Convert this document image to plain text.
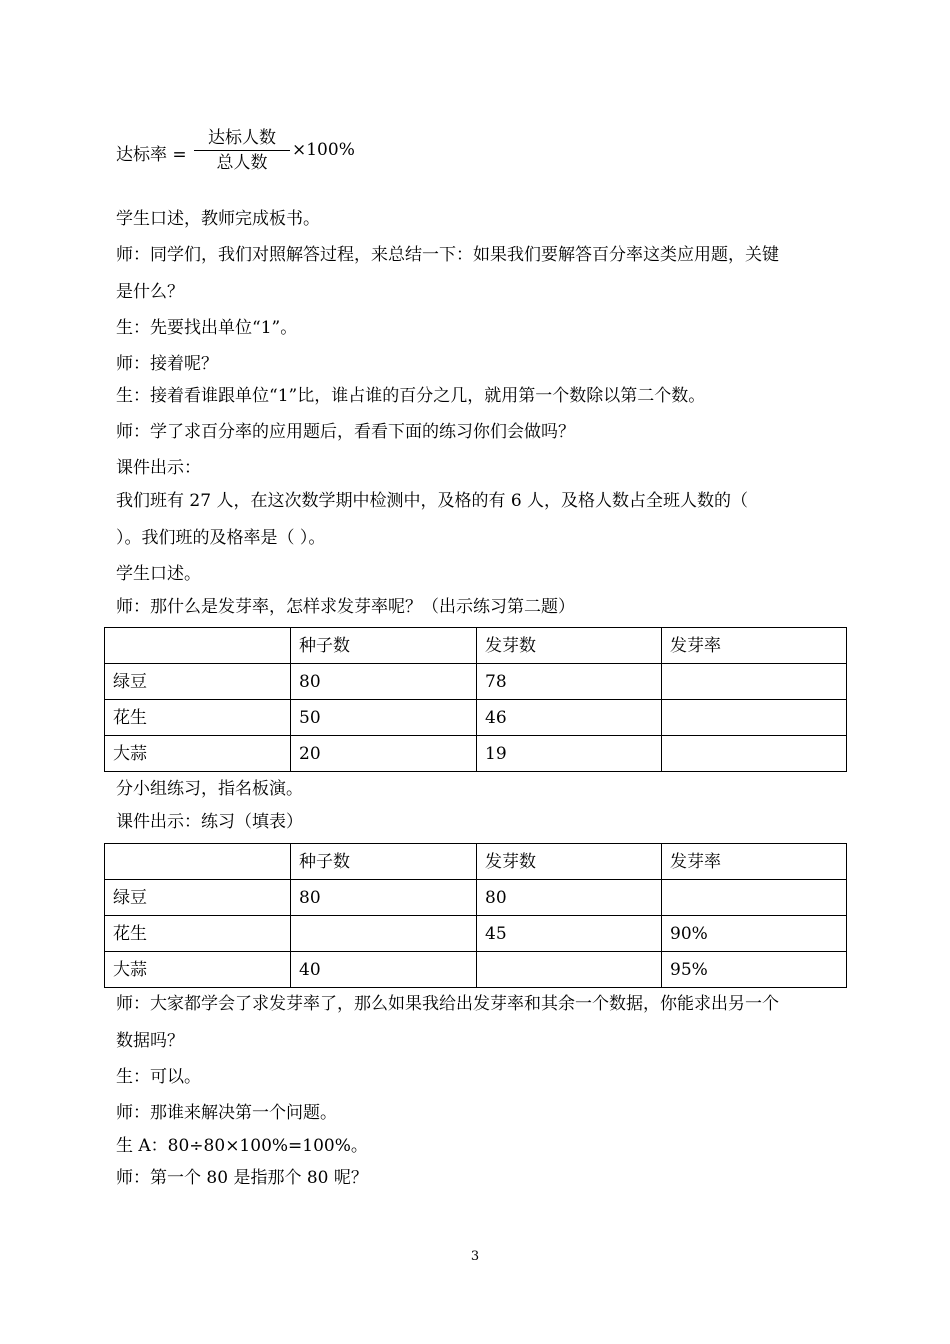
达标率 =
达标人数
总人数
×100%
学生口述，教师完成板书。
师：同学们，我们对照解答过程，来总结一下：如果我们要解答百分率这类应用题，关键
是什么？
生：先要找出单位“1”。
师：接着呢？
生：接着看谁跟单位“1”比，谁占谁的百分之几，就用第一个数除以第二个数。
师：学了求百分率的应用题后，看看下面的练习你们会做吗？
课件出示：
我们班有 27 人，在这次数学期中检测中，及格的有 6 人，及格人数占全班人数的（
）。我们班的及格率是（ ）。
学生口述。
师：那什么是发芽率，怎样求发芽率呢？（出示练习第二题）
	种子数	发芽数	发芽率
绿豆	80	78	
花生	50	46	
大蒜	20	19	
分小组练习，指名板演。
课件出示：练习（填表）
	种子数	发芽数	发芽率
绿豆	80	80	
花生		45	90%
大蒜	40		95%
师：大家都学会了求发芽率了，那么如果我给出发芽率和其余一个数据，你能求出另一个
数据吗？
生：可以。
师：那谁来解决第一个问题。
生 A：80÷80×100%=100%。
师：第一个 80 是指那个 80 呢？
3
